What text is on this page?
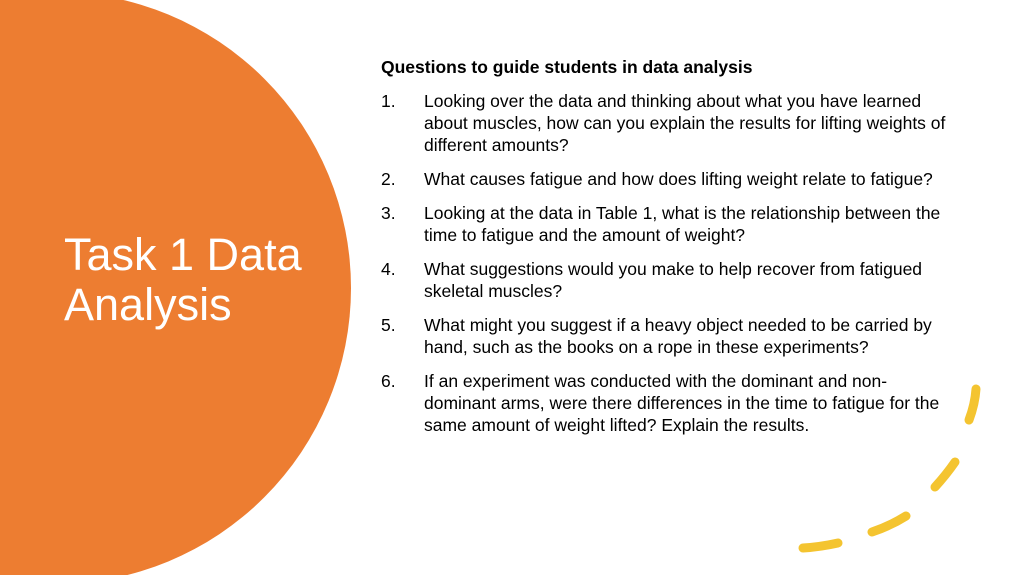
Task 1 Data Analysis

Questions to guide students in data analysis

1.	Looking over the data and thinking about what you have learned about muscles, how can you explain the results for lifting weights of different amounts?
2.	What causes fatigue and how does lifting weight relate to fatigue?
3.	Looking at the data in Table 1, what is the relationship between the time to fatigue and the amount of weight?
4.	What suggestions would you make to help recover from fatigued skeletal muscles?
5.	What might you suggest if a heavy object needed to be carried by hand, such as the books on a rope in these experiments?
6.	If an experiment was conducted with the dominant and non-dominant arms, were there differences in the time to fatigue for the same amount of weight lifted? Explain the results.
